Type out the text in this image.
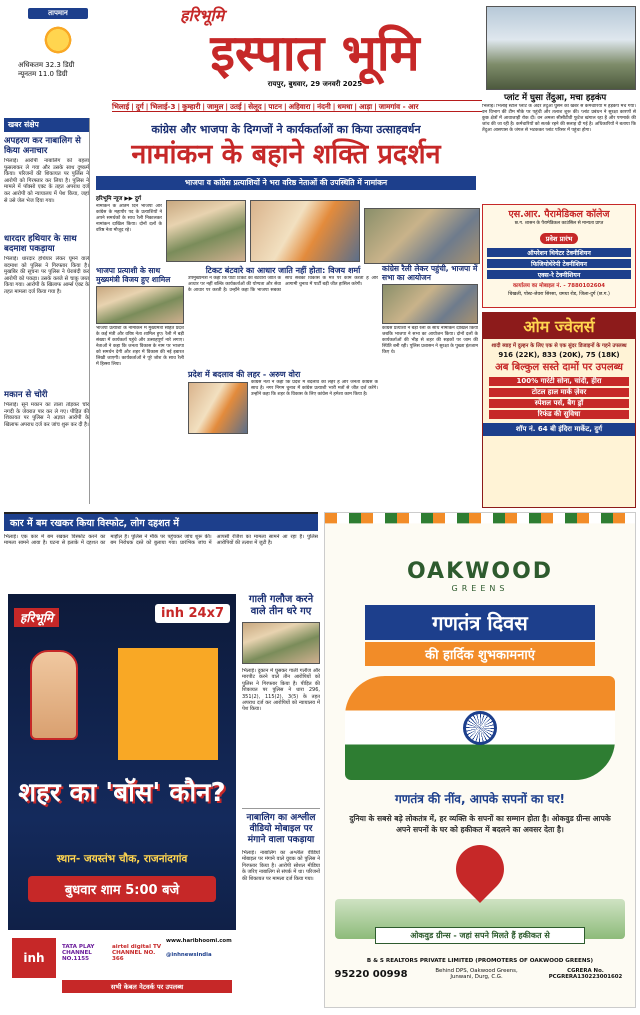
तापमान
अधिकतम 32.3 डिग्री
न्यूनतम 11.0 डिग्री
हरिभूमि
इस्पात भूमि
रायपुर, बुधवार, 29 जनवरी 2025
प्लांट में घुसा तेंदुआ, मचा हड़कंप
भिलाई। भिलाई स्टील प्लांट के अंदर तेंदुआ घुसने की खबर से कर्मचारियों में हड़कंप मच गया। वन विभाग की टीम मौके पर पहुंची और तलाश शुरू की। प्लांट प्रबंधन ने सुरक्षा कारणों से कुछ क्षेत्रों में आवाजाही रोक दी। वन अमला सीसीटीवी फुटेज खंगाल रहा है और पगमार्क की जांच की जा रही है। कर्मचारियों को सतर्क रहने की सलाह दी गई है। अधिकारियों ने बताया कि तेंदुआ आसपास के जंगल से भटककर प्लांट परिसर में पहुंचा होगा।
भिलाई | दुर्ग | भिलाई-3 | कुम्हारी | जामुल | उतई | सेलूद | पाटन | अहिवारा | नंदनी | धमधा | आड़ा | जामगांव - आर
खबर संक्षेप
अपहरण कर नाबालिग से किया अनाचार
भिलाई। आरोपी नाबालिग को बहला फुसलाकर ले गया और उसके साथ दुष्कर्म किया। परिजनों की शिकायत पर पुलिस ने आरोपी को गिरफ्तार कर लिया है। पुलिस ने मामले में पॉक्सो एक्ट के तहत अपराध दर्ज कर आरोपी को न्यायालय में पेश किया, जहां से उसे जेल भेज दिया गया।
धारदार हथियार के साथ बदमाश पकड़ाया
भिलाई। धारदार हथियार लेकर घूमने वाले बदमाश को पुलिस ने गिरफ्तार किया है। मुखबिर की सूचना पर पुलिस ने घेराबंदी कर आरोपी को पकड़ा। उसके कब्जे से चाकू जब्त किया गया। आरोपी के खिलाफ आर्म्स एक्ट के तहत मामला दर्ज किया गया है।
मकान से चोरी
भिलाई। सूने मकान का ताला तोड़कर चोर नगदी के जेवरात पार कर ले गए। पीड़ित की शिकायत पर पुलिस ने अज्ञात आरोपी के खिलाफ अपराध दर्ज कर जांच शुरू कर दी है।
कांग्रेस और भाजपा के दिग्गजों ने कार्यकर्ताओं का किया उत्साहवर्धन
नामांकन के बहाने शक्ति प्रदर्शन
भाजपा व कांग्रेस प्रत्याशियों ने भरा वरिष्ठ नेताओं की उपस्थिति में नामांकन
हरिभूमि न्यूज ▶▶ दुर्ग
नामांकन के अंतिम दिन भाजपा और कांग्रेस के महापौर पद के प्रत्याशियों ने अपने समर्थकों के साथ रैली निकालकर नामांकन दाखिल किया। दोनों दलों के वरिष्ठ नेता मौजूद रहे।
भाजपा प्रत्याशी के साथ मुख्यमंत्री विजय हुए शामिल
भाजपा प्रत्याशी के नामांकन में मुख्यमंत्री सहित प्रदेश के कई मंत्री और वरिष्ठ नेता शामिल हुए। रैली में बड़ी संख्या में कार्यकर्ता पहुंचे और उत्साहपूर्ण नारे लगाए। नेताओं ने कहा कि जनता विकास के नाम पर भाजपा को समर्थन देगी और शहर में विकास की नई इबारत लिखी जाएगी। कार्यकर्ताओं ने पूरे जोश के साथ रैली में हिस्सा लिया।
टिकट बंटवारे का आधार जाति नहीं होता: विजय शर्मा
उपमुख्यमंत्री ने कहा कि पार्टी टिकट का बंटवारा जाति के आधार पर नहीं बल्कि कार्यकर्ताओं की योग्यता और सेवा के आधार पर करती है। उन्होंने कहा कि भाजपा सबका साथ सबका विकास के मंत्र पर काम करती है और आगामी चुनाव में पार्टी बड़ी जीत हासिल करेगी।
प्रदेश में बदलाव की लहर - अरुण वोरा
कांग्रेस नेता ने कहा कि प्रदेश में बदलाव की लहर है और जनता कांग्रेस के साथ है। नगर निगम चुनाव में कांग्रेस प्रत्याशी भारी मतों से जीत दर्ज करेंगे। उन्होंने कहा कि शहर के विकास के लिए कांग्रेस ने हमेशा काम किया है।
कांग्रेस रैली लेकर पहुंची, भाजपा में सभा का आयोजन
कांग्रेस प्रत्याशी ने बड़ी रैली के साथ नामांकन दाखिल किया जबकि भाजपा ने सभा का आयोजन किया। दोनों दलों के कार्यकर्ताओं की भीड़ से शहर की सड़कों पर जाम की स्थिति बनी रही। पुलिस प्रशासन ने सुरक्षा के पुख्ता इंतजाम किए थे।
एस.आर. पैरामेडिकल कॉलेज
छ.ग. शासन के पैरामेडिकल काउंसिल से मान्यता प्राप्त
प्रवेश प्रारंभ
ऑपरेशन थियेटर टेक्नीशियन
फिजियोथेरेपी टेक्नीशियन
एक्स-रे टेक्नीशियन
कार्यालय का मोबाइल नं. - 7880102604
चिखली, पोस्ट-जेवरा सिरसा, धमधा रोड, जिला-दुर्ग (छ.ग.)
ओम ज्वेलर्स
शादी ब्याह में दुल्हन के लिए एक से एक सुंदर डिजाइनों के गहने उपलब्ध
916 (22K), 833 (20K), 75 (18K)
अब बिल्कुल सस्ते दामों पर उपलब्ध
100% गारंटी सोना, चांदी, हीरा
टोटल हाल मार्क ज़ेवर
स्पेशल पर्स, बैग ड्रॉ
रिफंड की सुविधा
शॉप नं. 64 बी इंदिरा मार्केट, दुर्ग
कार में बम रखकर किया विस्फोट, लोग दहशत में
भिलाई। एक कार में बम रखकर विस्फोट करने का मामला सामने आया है। घटना से इलाके में दहशत का माहौल है। पुलिस ने मौके पर पहुंचकर जांच शुरू की। बम निरोधक दस्ते को बुलाया गया। प्रारंभिक जांच में आपसी रंजिश का मामला सामने आ रहा है। पुलिस आरोपियों की तलाश में जुटी है।
हरिभूमि	inh 24x7
शहर का 'बॉस' कौन?
स्थान- जयस्तंभ चौक, राजनांदगांव
बुधवार शाम 5:00 बजे
inh
TATA PLAY CHANNEL NO.1155
airtel digital TV CHANNEL NO. 366
www.haribhoomi.com
@inhnewsindia
सभी केबल नेटवर्क पर उपलब्ध
गाली गलौज करने वाले तीन धरे गए
भिलाई। दुकान में घुसकर गाली गलौज और मारपीट करने वाले तीन आरोपियों को पुलिस ने गिरफ्तार किया है। पीड़ित की शिकायत पर पुलिस ने धारा 296, 351(2), 115(2), 3(5) के तहत अपराध दर्ज कर आरोपियों को न्यायालय में पेश किया।
नाबालिग का अश्लील वीडियो मोबाइल पर मंगाने वाला पकड़ाया
भिलाई। नाबालिग का अश्लील वीडियो मोबाइल पर मंगाने वाले युवक को पुलिस ने गिरफ्तार किया है। आरोपी सोशल मीडिया के जरिए नाबालिग से संपर्क में था। परिजनों की शिकायत पर मामला दर्ज किया गया।
OAKWOOD
GREENS
गणतंत्र दिवस
की हार्दिक शुभकामनाएं
गणतंत्र की नींव, आपके सपनों का घर!
दुनिया के सबसे बड़े लोकतंत्र में, हर व्यक्ति के सपनों का सम्मान होता है। ओकवुड ग्रीन्स आपके अपने सपनों के घर को हकीकत में बदलने का अवसर देता है।
ओकवुड ग्रीन्स - जहां सपने मिलते हैं हकीकत से
B & S REALTORS PRIVATE LIMITED (PROMOTERS OF OAKWOOD GREENS)
95220 00998	Behind DPS, Oakwood Greens, Junwani, Durg, C.G.
CGRERA No. PCGRERA130223001602
